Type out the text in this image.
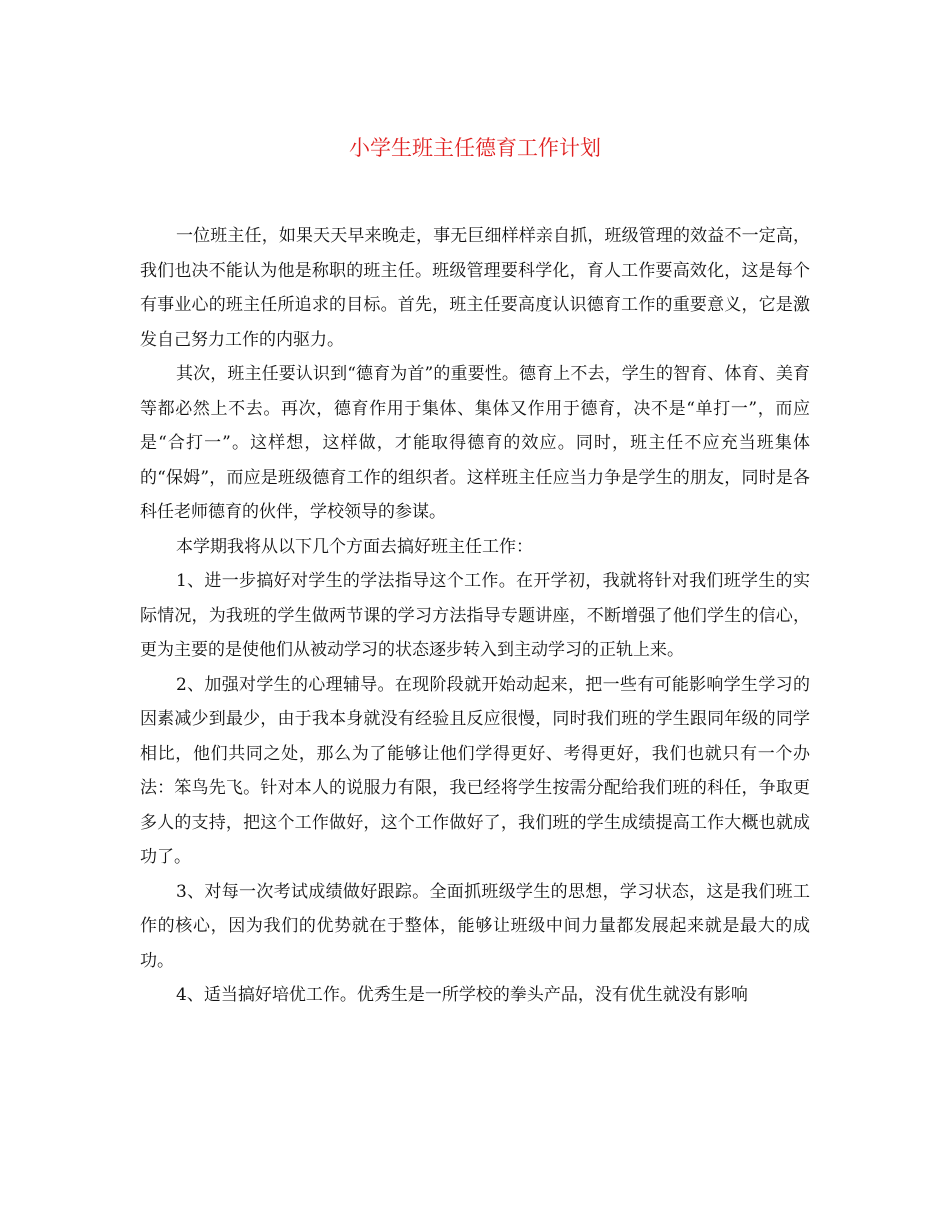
小学生班主任德育工作计划

一位班主任，如果天天早来晚走，事无巨细样样亲自抓，班级管理的效益不一定高，我们也决不能认为他是称职的班主任。班级管理要科学化，育人工作要高效化，这是每个有事业心的班主任所追求的目标。首先，班主任要高度认识德育工作的重要意义，它是激发自己努力工作的内驱力。

其次，班主任要认识到“德育为首”的重要性。德育上不去，学生的智育、体育、美育等都必然上不去。再次，德育作用于集体、集体又作用于德育，决不是“单打一”，而应是“合打一”。这样想，这样做，才能取得德育的效应。同时，班主任不应充当班集体的“保姆”，而应是班级德育工作的组织者。这样班主任应当力争是学生的朋友，同时是各科任老师德育的伙伴，学校领导的参谋。

本学期我将从以下几个方面去搞好班主任工作：

1、进一步搞好对学生的学法指导这个工作。在开学初，我就将针对我们班学生的实际情况，为我班的学生做两节课的学习方法指导专题讲座，不断增强了他们学生的信心，更为主要的是使他们从被动学习的状态逐步转入到主动学习的正轨上来。

2、加强对学生的心理辅导。在现阶段就开始动起来，把一些有可能影响学生学习的因素减少到最少，由于我本身就没有经验且反应很慢，同时我们班的学生跟同年级的同学相比，他们共同之处，那么为了能够让他们学得更好、考得更好，我们也就只有一个办法：笨鸟先飞。针对本人的说服力有限，我已经将学生按需分配给我们班的科任，争取更多人的支持，把这个工作做好，这个工作做好了，我们班的学生成绩提高工作大概也就成功了。

3、对每一次考试成绩做好跟踪。全面抓班级学生的思想，学习状态，这是我们班工作的核心，因为我们的优势就在于整体，能够让班级中间力量都发展起来就是最大的成功。

4、适当搞好培优工作。优秀生是一所学校的拳头产品，没有优生就没有影响
